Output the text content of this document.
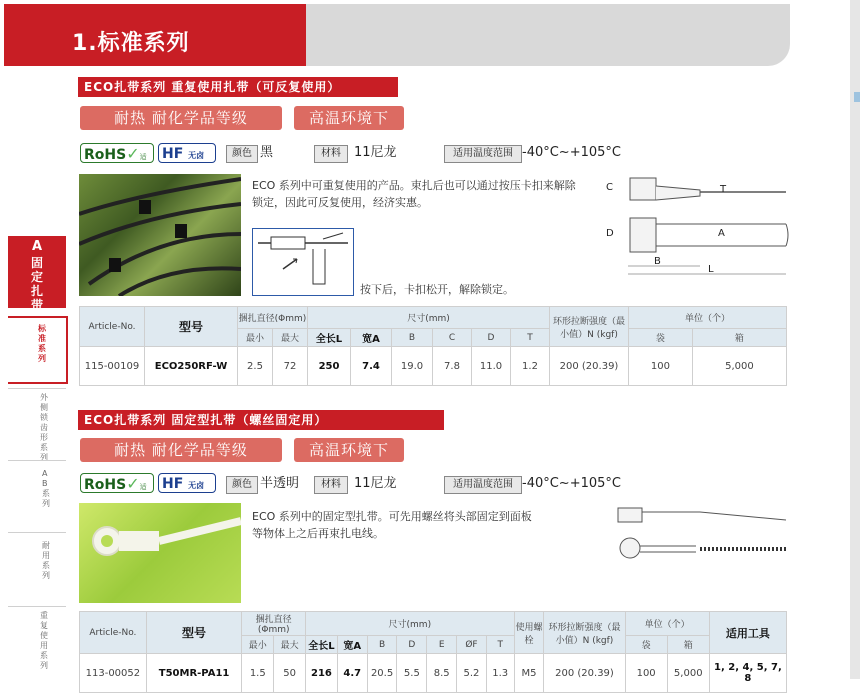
1.标准系列
A
固定扎带
标准系列
外侧锁齿形系列
AB系列
耐用系列
重复使用系列
ECO扎带系列 重复使用扎带（可反复使用）
耐热 耐化学品等级	高温环境下
RoHS✓适	HF 无卤	颜色 黑	材料	11尼龙	适用温度范围 -40°C~+105°C
ECO 系列中可重复使用的产品。束扎后也可以通过按压卡扣来解除锁定，因此可反复使用，经济实惠。
按下后，卡扣松开，解除锁定。
C	T
D	A
B
L
Article-No.	型号	捆扎直径(Φmm)		尺寸(mm)						环形拉断强度（最小值）N (kgf)	单位（个）	
		最小	最大	全长L	宽A	B	C	D	T		袋	箱
115-00109	ECO250RF-W	2.5	72	250	7.4	19.0	7.8	11.0	1.2	200 (20.39)	100	5,000
ECO扎带系列 固定型扎带（螺丝固定用）
耐热 耐化学品等级	高温环境下
RoHS✓适	HF 无卤	颜色 半透明	材料	11尼龙	适用温度范围 -40°C~+105°C
ECO 系列中的固定型扎带。可先用螺丝将头部固定到面板等物体上之后再束扎电线。
Article-No.	型号	捆扎直径(Φmm)		尺寸(mm)							使用螺栓	环形拉断强度（最小值）N (kgf)	单位（个）		适用工具
		最小	最大	全长L	宽A	B	D	E	ØF	T			袋	箱	
113-00052	T50MR-PA11	1.5	50	216	4.7	20.5	5.5	8.5	5.2	1.3	M5	200 (20.39)	100	5,000	1, 2, 4, 5, 7, 8
